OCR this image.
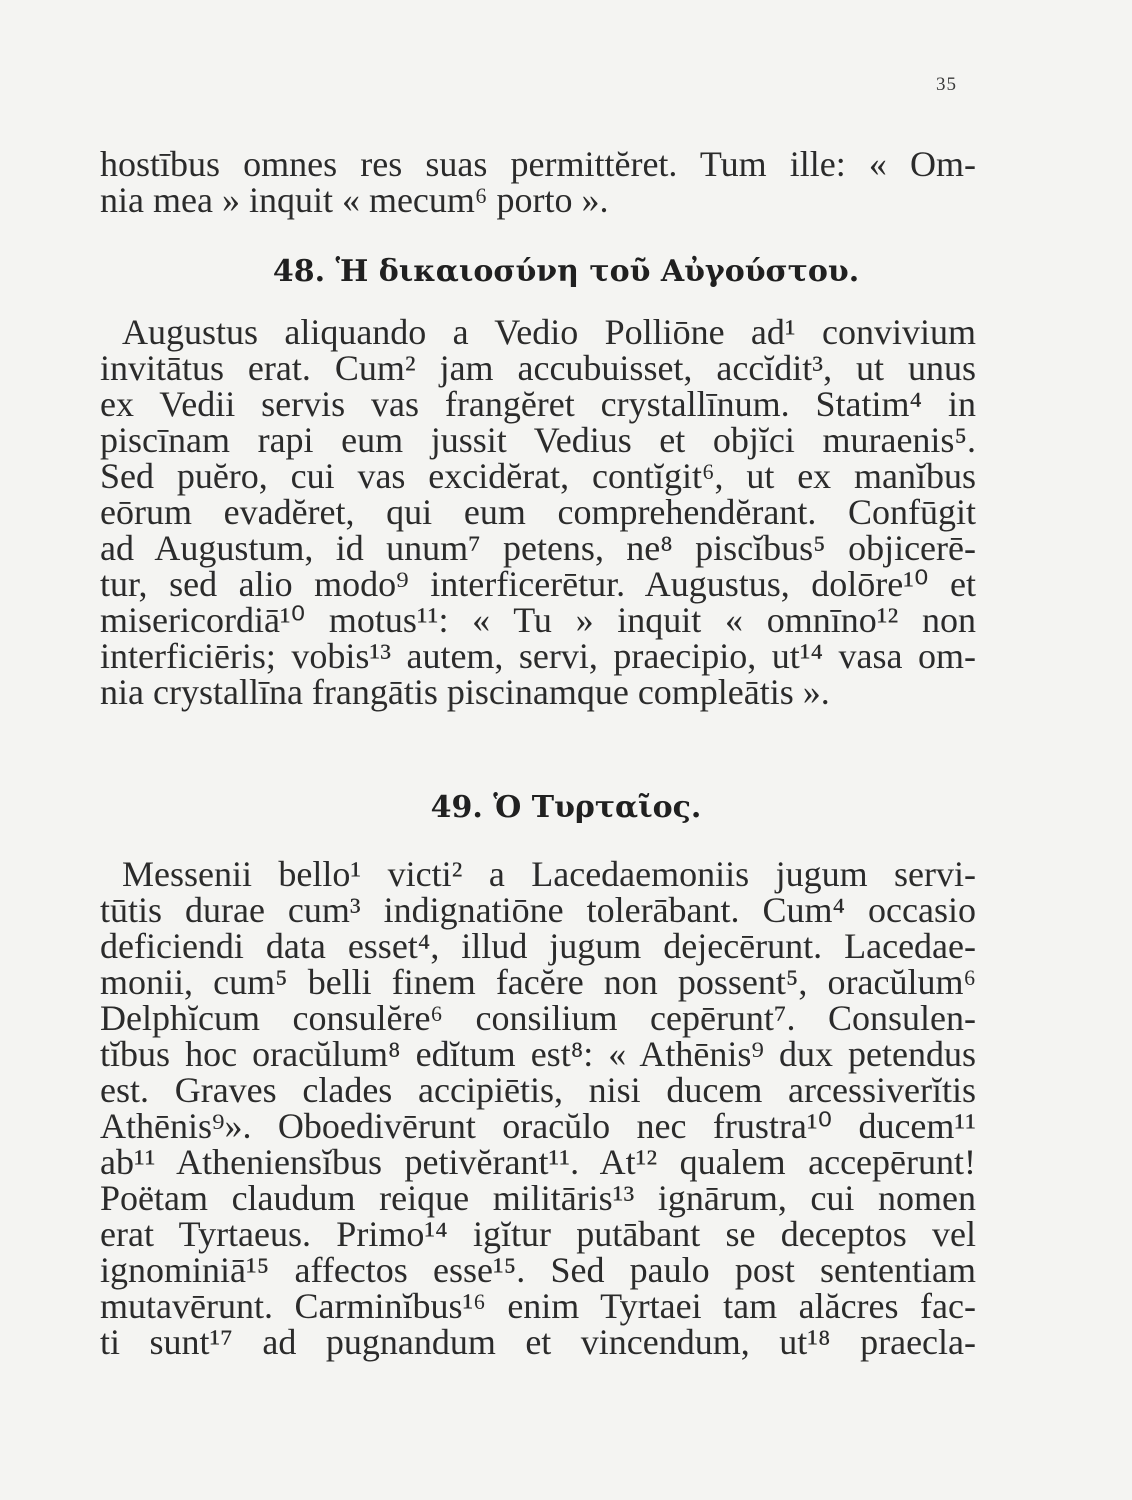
35
hostībus omnes res suas permittĕret. Tum ille: « Om-
nia mea » inquit « mecum⁶ porto ».
48. Ἡ δικαιοσύνη τοῦ Αὐγούστου.
Augustus aliquando a Vedio Polliōne ad¹ convivium
invitātus erat. Cum² jam accubuisset, accĭdit³, ut unus
ex Vedii servis vas frangĕret crystallīnum. Statim⁴ in
piscīnam rapi eum jussit Vedius et objĭci muraenis⁵.
Sed puĕro, cui vas excidĕrat, contĭgit⁶, ut ex manĭbus
eōrum evadĕret, qui eum comprehendĕrant. Confūgit
ad Augustum, id unum⁷ petens, ne⁸ piscĭbus⁵ objicerē-
tur, sed alio modo⁹ interficerētur. Augustus, dolōre¹⁰ et
misericordiā¹⁰ motus¹¹: « Tu » inquit « omnīno¹² non
interficiēris; vobis¹³ autem, servi, praecipio, ut¹⁴ vasa om-
nia crystallīna frangātis piscinamque compleātis ».
49. Ὁ Τυρταῖος.
Messenii bello¹ victi² a Lacedaemoniis jugum servi-
tūtis durae cum³ indignatiōne tolerābant. Cum⁴ occasio
deficiendi data esset⁴, illud jugum dejecērunt. Lacedae-
monii, cum⁵ belli finem facĕre non possent⁵, oracŭlum⁶
Delphĭcum consulĕre⁶ consilium cepērunt⁷. Consulen-
tĭbus hoc oracŭlum⁸ edĭtum est⁸: « Athēnis⁹ dux petendus
est. Graves clades accipiētis, nisi ducem arcessiverĭtis
Athēnis⁹». Oboedivērunt oracŭlo nec frustra¹⁰ ducem¹¹
ab¹¹ Atheniensĭbus petivĕrant¹¹. At¹² qualem accepērunt!
Poëtam claudum reique militāris¹³ ignārum, cui nomen
erat Tyrtaeus. Primo¹⁴ igĭtur putābant se deceptos vel
ignominiā¹⁵ affectos esse¹⁵. Sed paulo post sententiam
mutavērunt. Carminĭbus¹⁶ enim Tyrtaei tam alăcres fac-
ti sunt¹⁷ ad pugnandum et vincendum, ut¹⁸ praecla-
